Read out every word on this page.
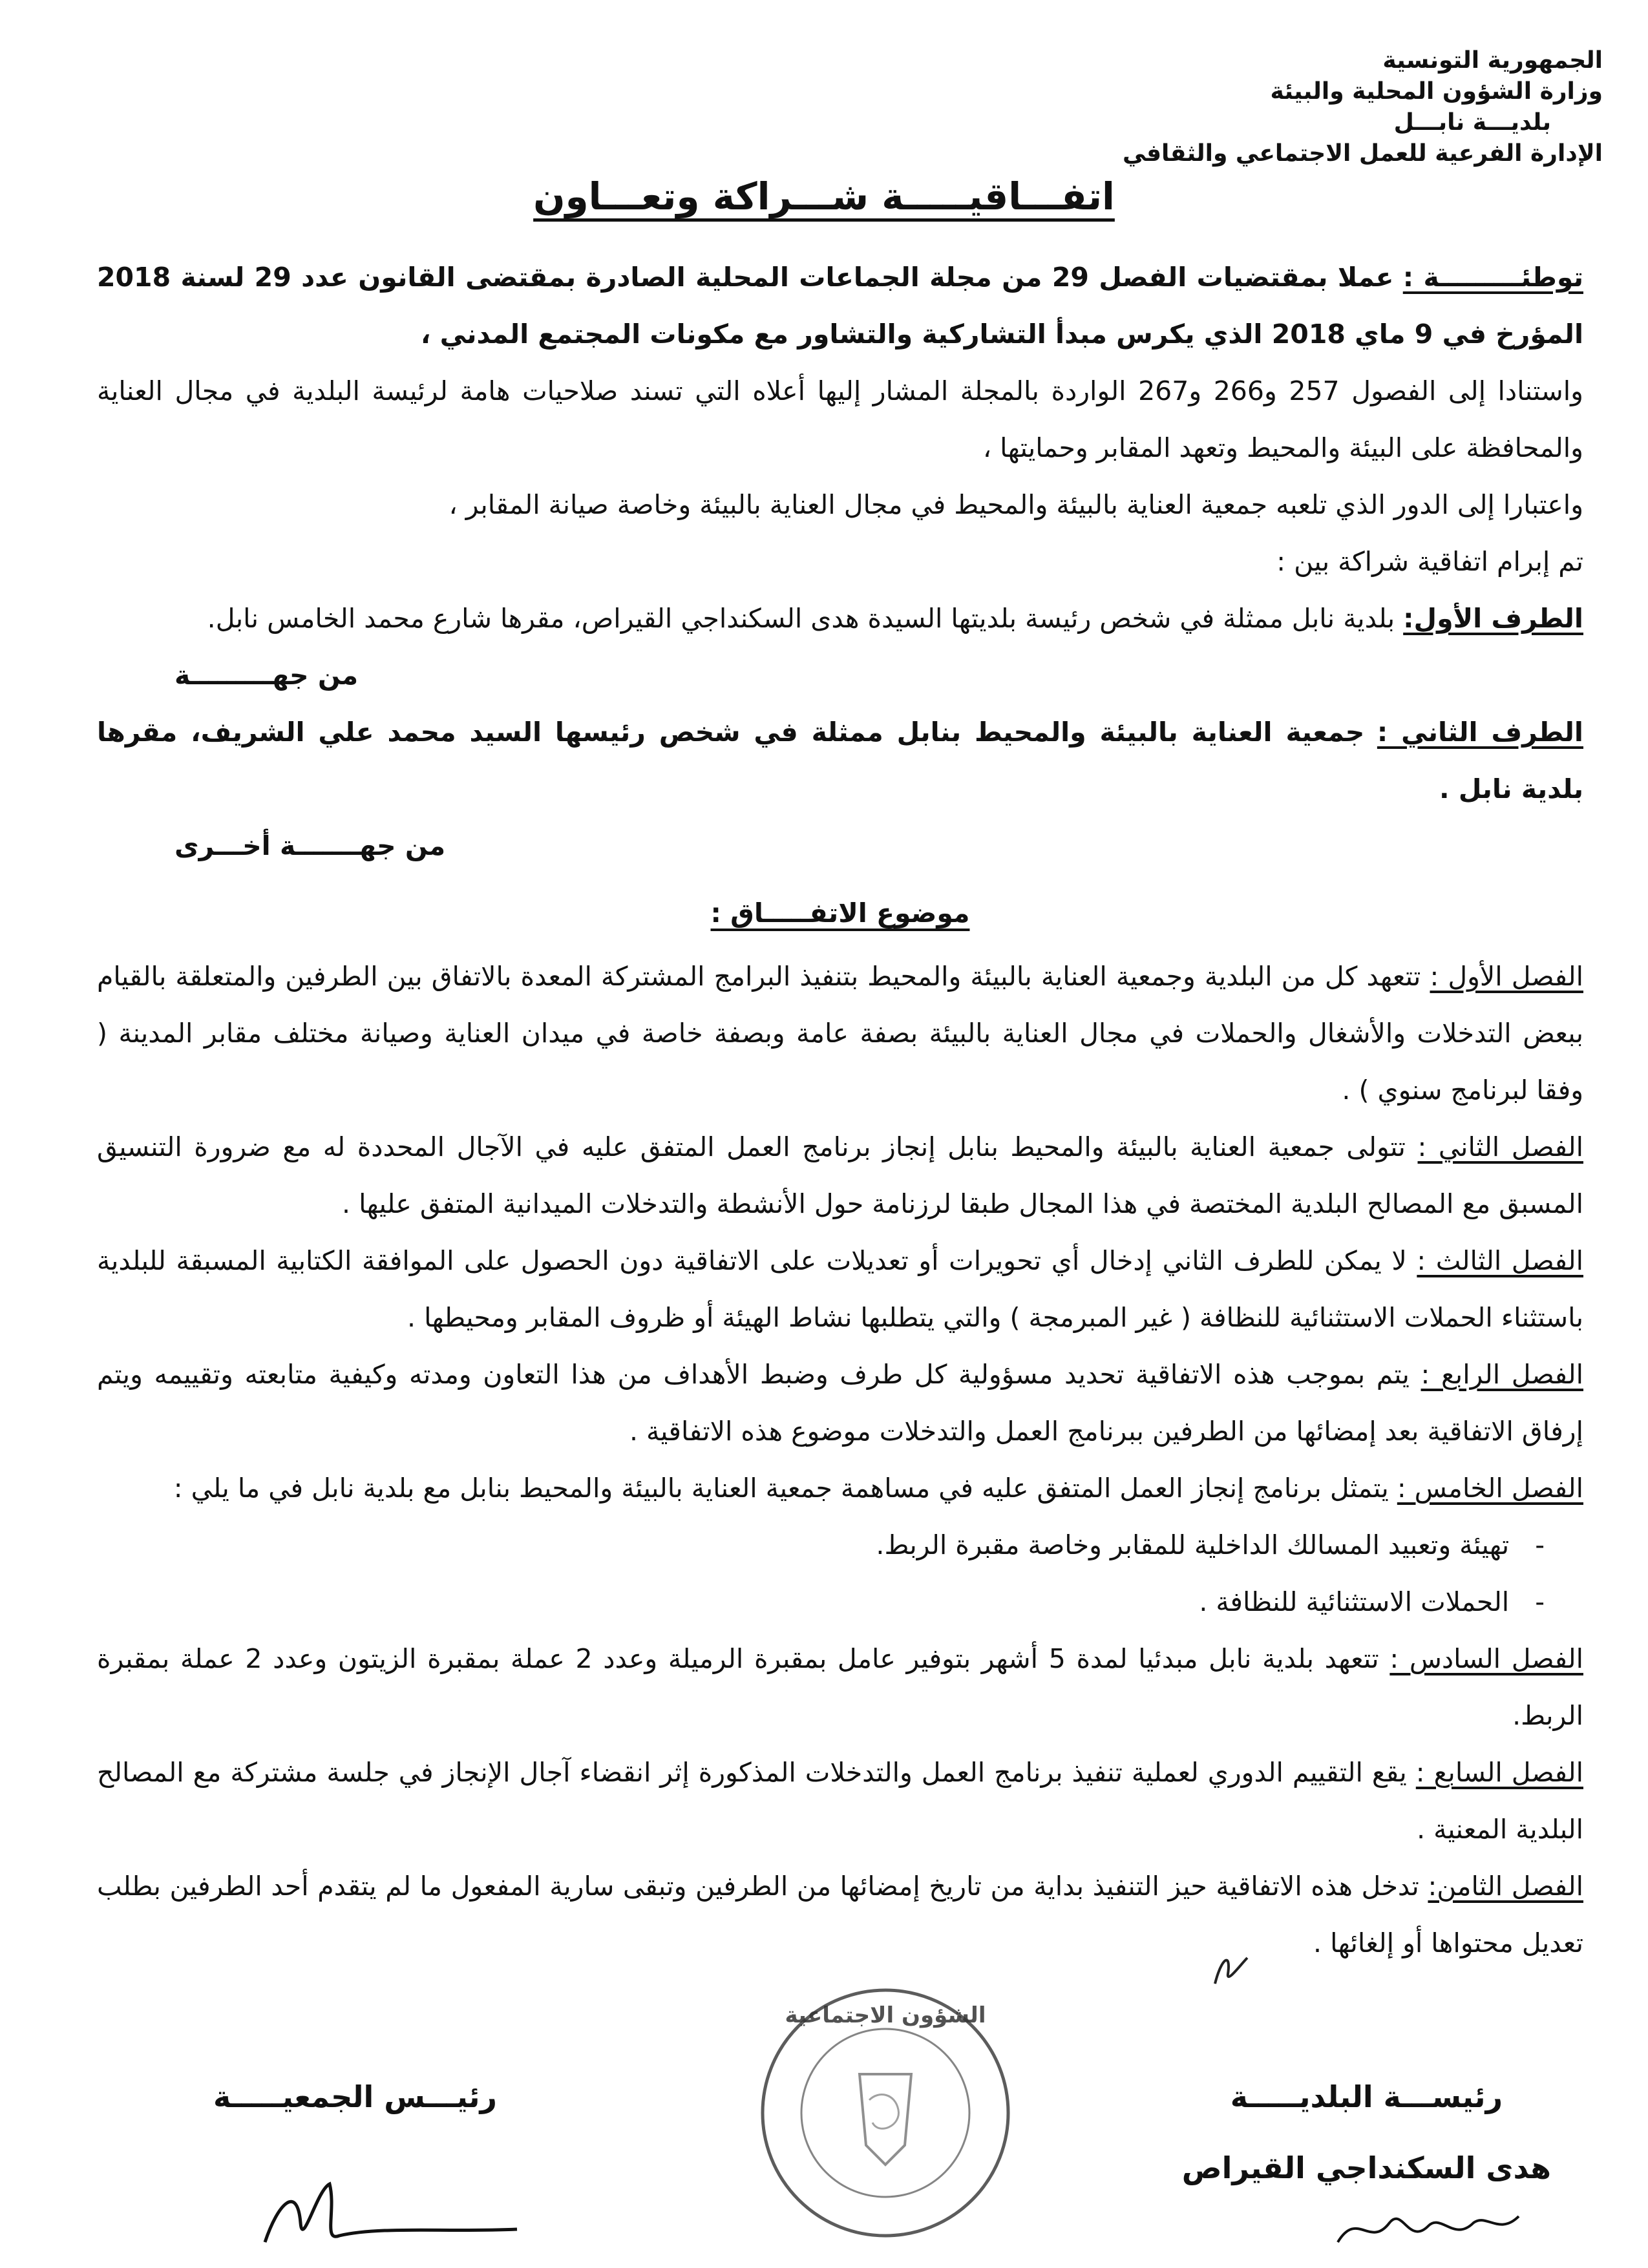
الجمهورية التونسية
وزارة الشؤون المحلية والبيئة
بلديـــة نابـــل
الإدارة الفرعية للعمل الاجتماعي والثقافي
اتفـــاقيـــــة شـــراكة وتعـــاون

توطئـــــــــة : عملا بمقتضيات الفصل 29 من مجلة الجماعات المحلية الصادرة بمقتضى القانون عدد 29 لسنة 2018 المؤرخ في 9 ماي 2018 الذي يكرس مبدأ التشاركية والتشاور مع مكونات المجتمع المدني ،

واستنادا إلى الفصول 257 و266 و267 الواردة بالمجلة المشار إليها أعلاه التي تسند صلاحيات هامة لرئيسة البلدية في مجال العناية والمحافظة على البيئة والمحيط وتعهد المقابر وحمايتها ،

واعتبارا إلى الدور الذي تلعبه جمعية العناية بالبيئة والمحيط في مجال العناية بالبيئة وخاصة صيانة المقابر ،

تم إبرام اتفاقية شراكة بين :

الطرف الأول: بلدية نابل ممثلة في شخص رئيسة بلديتها السيدة هدى السكنداجي القيراص، مقرها شارع محمد الخامس نابل.

من جهـــــــــة

الطرف الثاني : جمعية العناية بالبيئة والمحيط بنابل ممثلة في شخص رئيسها السيد محمد علي الشريف، مقرها بلدية نابل .

من جهـــــــة أخـــرى

موضوع الاتفـــــاق :

الفصل الأول : تتعهد كل من البلدية وجمعية العناية بالبيئة والمحيط بتنفيذ البرامج المشتركة المعدة بالاتفاق بين الطرفين والمتعلقة بالقيام ببعض التدخلات والأشغال والحملات في مجال العناية بالبيئة بصفة عامة وبصفة خاصة في ميدان العناية وصيانة مختلف مقابر المدينة ( وفقا لبرنامج سنوي ) .

الفصل الثاني : تتولى جمعية العناية بالبيئة والمحيط بنابل إنجاز برنامج العمل المتفق عليه في الآجال المحددة له مع ضرورة التنسيق المسبق مع المصالح البلدية المختصة في هذا المجال طبقا لرزنامة حول الأنشطة والتدخلات الميدانية المتفق عليها .

الفصل الثالث : لا يمكن للطرف الثاني إدخال أي تحويرات أو تعديلات على الاتفاقية دون الحصول على الموافقة الكتابية المسبقة للبلدية باستثناء الحملات الاستثنائية للنظافة ( غير المبرمجة ) والتي يتطلبها نشاط الهيئة أو ظروف المقابر ومحيطها .

الفصل الرابع : يتم بموجب هذه الاتفاقية تحديد مسؤولية كل طرف وضبط الأهداف من هذا التعاون ومدته وكيفية متابعته وتقييمه ويتم إرفاق الاتفاقية بعد إمضائها من الطرفين ببرنامج العمل والتدخلات موضوع هذه الاتفاقية .

الفصل الخامس : يتمثل برنامج إنجاز العمل المتفق عليه في مساهمة جمعية العناية بالبيئة والمحيط بنابل مع بلدية نابل في ما يلي :

- تهيئة وتعبيد المسالك الداخلية للمقابر وخاصة مقبرة الربط.

- الحملات الاستثنائية للنظافة .

الفصل السادس : تتعهد بلدية نابل مبدئيا لمدة 5 أشهر بتوفير عامل بمقبرة الرميلة وعدد 2 عملة بمقبرة الزيتون وعدد 2 عملة بمقبرة الربط.

الفصل السابع : يقع التقييم الدوري لعملية تنفيذ برنامج العمل والتدخلات المذكورة إثر انقضاء آجال الإنجاز في جلسة مشتركة مع المصالح البلدية المعنية .

الفصل الثامن: تدخل هذه الاتفاقية حيز التنفيذ بداية من تاريخ إمضائها من الطرفين وتبقى سارية المفعول ما لم يتقدم أحد الطرفين بطلب تعديل محتواها أو إلغائها .

الشؤون الاجتماعية
رئيســـة البلديـــــة
هدى السكنداجي القيراص
رئيـــس الجمعيـــــة
